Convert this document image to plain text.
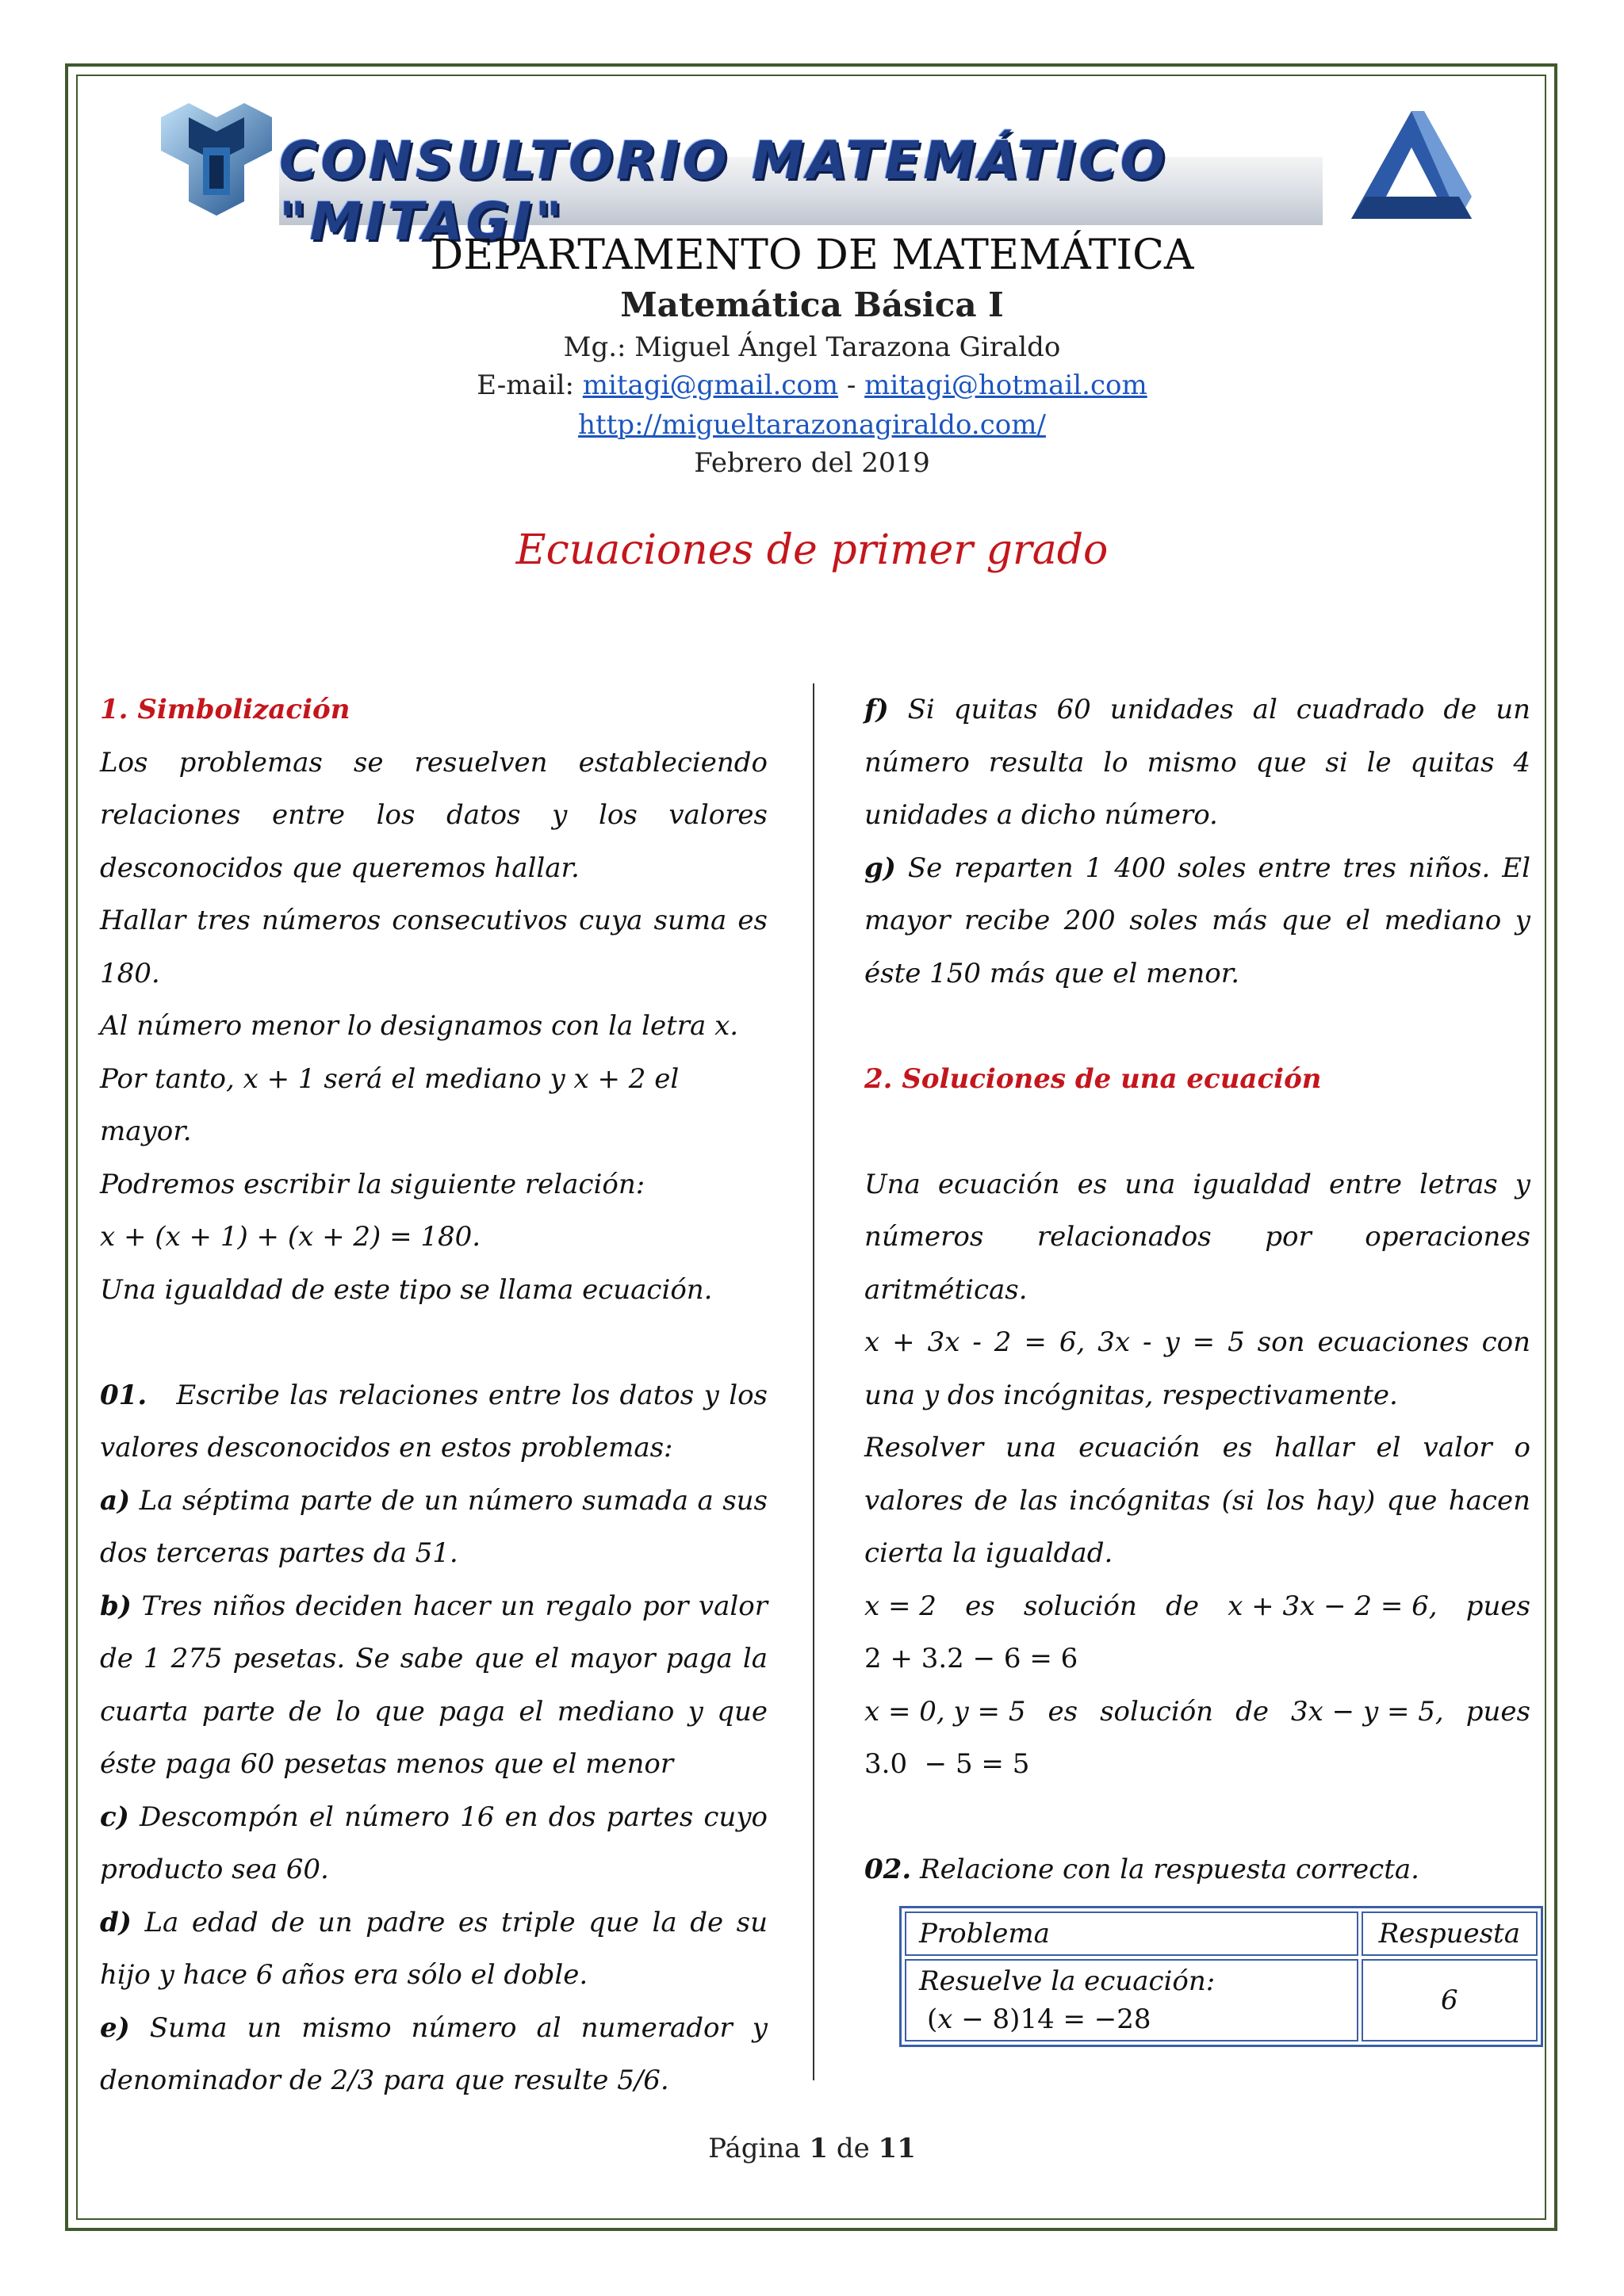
CONSULTORIO MATEMÁTICO "MITAGI"
DEPARTAMENTO DE MATEMÁTICA
Matemática Básica I
Mg.: Miguel Ángel Tarazona Giraldo
E-mail: mitagi@gmail.com - mitagi@hotmail.com
http://migueltarazonagiraldo.com/
Febrero del 2019
Ecuaciones de primer grado

1. Simbolización

Los problemas se resuelven estableciendo relaciones entre los datos y los valores desconocidos que queremos hallar.

Hallar tres números consecutivos cuya suma es 180.

Al número menor lo designamos con la letra x.

Por tanto, x + 1 será el mediano y x + 2 el mayor.

Podremos escribir la siguiente relación:

x + (x + 1) + (x + 2) = 180.

Una igualdad de este tipo se llama ecuación.

01. Escribe las relaciones entre los datos y los valores desconocidos en estos problemas:

a) La séptima parte de un número sumada a sus dos terceras partes da 51.

b) Tres niños deciden hacer un regalo por valor de 1 275 pesetas. Se sabe que el mayor paga la cuarta parte de lo que paga el mediano y que éste paga 60 pesetas menos que el menor

c) Descompón el número 16 en dos partes cuyo producto sea 60.

d) La edad de un padre es triple que la de su hijo y hace 6 años era sólo el doble.

e) Suma un mismo número al numerador y denominador de 2/3 para que resulte 5/6.

f) Si quitas 60 unidades al cuadrado de un número resulta lo mismo que si le quitas 4 unidades a dicho número.

g) Se reparten 1 400 soles entre tres niños. El mayor recibe 200 soles más que el mediano y éste 150 más que el menor.

2. Soluciones de una ecuación

Una ecuación es una igualdad entre letras y números relacionados por operaciones aritméticas.

x + 3x - 2 = 6, 3x - y = 5 son ecuaciones con una y dos incógnitas, respectivamente.

Resolver una ecuación es hallar el valor o valores de las incógnitas (si los hay) que hacen cierta la igualdad.

𝑥 = 2 es solución de 𝑥 + 3𝑥 − 2 = 6, pues

2 + 3.2 − 6 = 6

𝑥 = 0, 𝑦 = 5 es solución de 3𝑥 − 𝑦 = 5, pues

3.0  − 5 = 5

02. Relacione con la respuesta correcta.

Problema	Respuesta

Resuelve la ecuación:
(𝑥 − 8)14 = −28	6
Página 1 de 11
